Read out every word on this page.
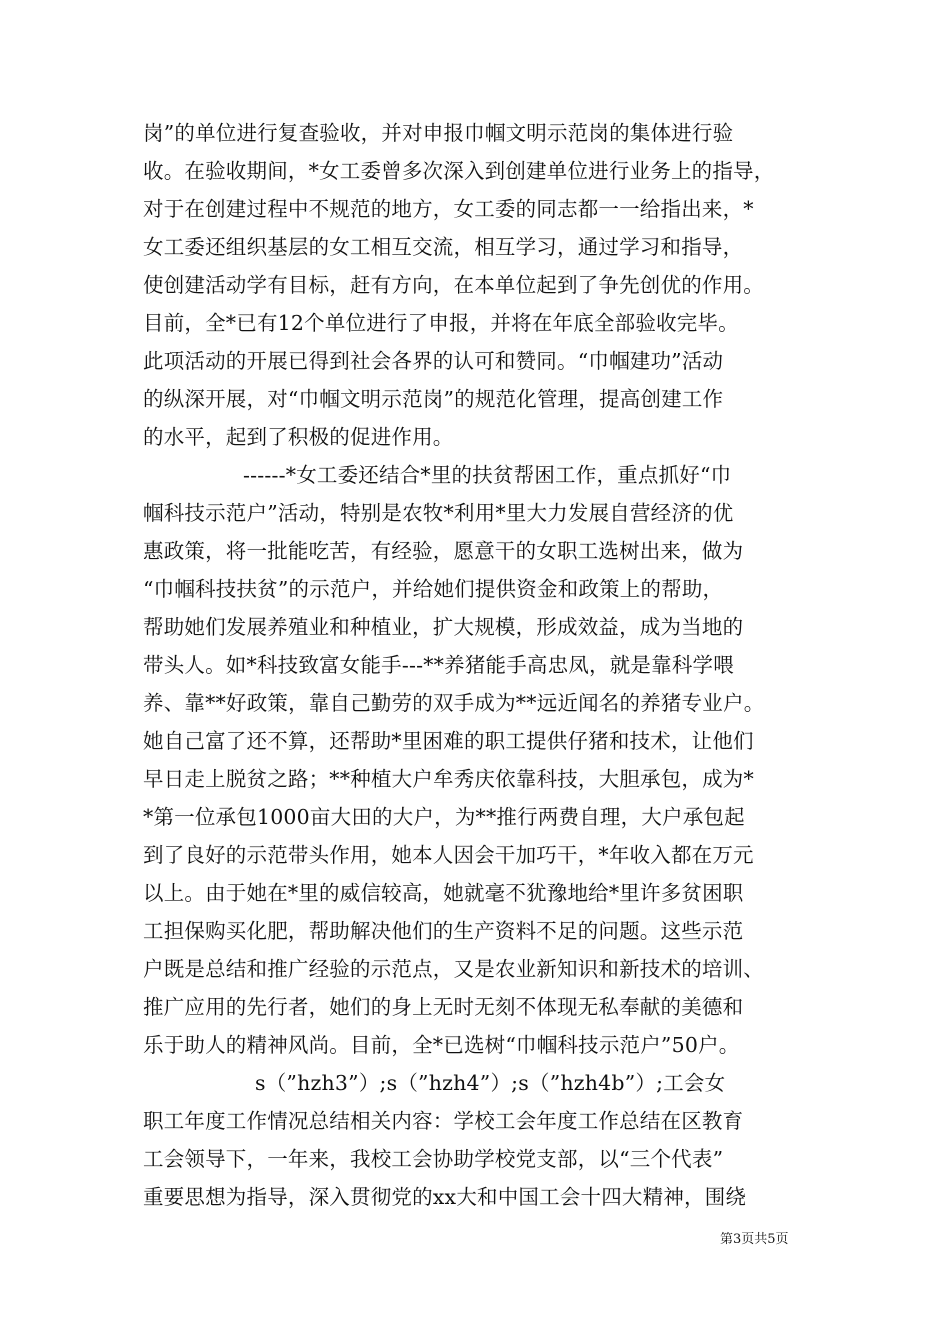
岗”的单位进行复查验收，并对申报巾帼文明示范岗的集体进行验
收。在验收期间，*女工委曾多次深入到创建单位进行业务上的指导，
对于在创建过程中不规范的地方，女工委的同志都一一给指出来，*
女工委还组织基层的女工相互交流，相互学习，通过学习和指导，
使创建活动学有目标，赶有方向，在本单位起到了争先创优的作用。
目前，全*已有12个单位进行了申报，并将在年底全部验收完毕。
此项活动的开展已得到社会各界的认可和赞同。“巾帼建功”活动
的纵深开展，对“巾帼文明示范岗”的规范化管理，提高创建工作
的水平，起到了积极的促进作用。
------*女工委还结合*里的扶贫帮困工作，重点抓好“巾
帼科技示范户”活动，特别是农牧*利用*里大力发展自营经济的优
惠政策，将一批能吃苦，有经验，愿意干的女职工选树出来，做为
“巾帼科技扶贫”的示范户，并给她们提供资金和政策上的帮助，
帮助她们发展养殖业和种植业，扩大规模，形成效益，成为当地的
带头人。如*科技致富女能手---**养猪能手高忠凤，就是靠科学喂
养、靠**好政策，靠自己勤劳的双手成为**远近闻名的养猪专业户。
她自己富了还不算，还帮助*里困难的职工提供仔猪和技术，让他们
早日走上脱贫之路；**种植大户牟秀庆依靠科技，大胆承包，成为*
*第一位承包1000亩大田的大户，为**推行两费自理，大户承包起
到了良好的示范带头作用，她本人因会干加巧干，*年收入都在万元
以上。由于她在*里的威信较高，她就毫不犹豫地给*里许多贫困职
工担保购买化肥，帮助解决他们的生产资料不足的问题。这些示范
户既是总结和推广经验的示范点，又是农业新知识和新技术的培训、
推广应用的先行者，她们的身上无时无刻不体现无私奉献的美德和
乐于助人的精神风尚。目前，全*已选树“巾帼科技示范户”50户。
s（”hzh3”）;s（”hzh4”）;s（”hzh4b”）;工会女
职工年度工作情况总结相关内容：学校工会年度工作总结在区教育
工会领导下，一年来，我校工会协助学校党支部，以“三个代表”
重要思想为指导，深入贯彻党的xx大和中国工会十四大精神，围绕
第3页共5页
